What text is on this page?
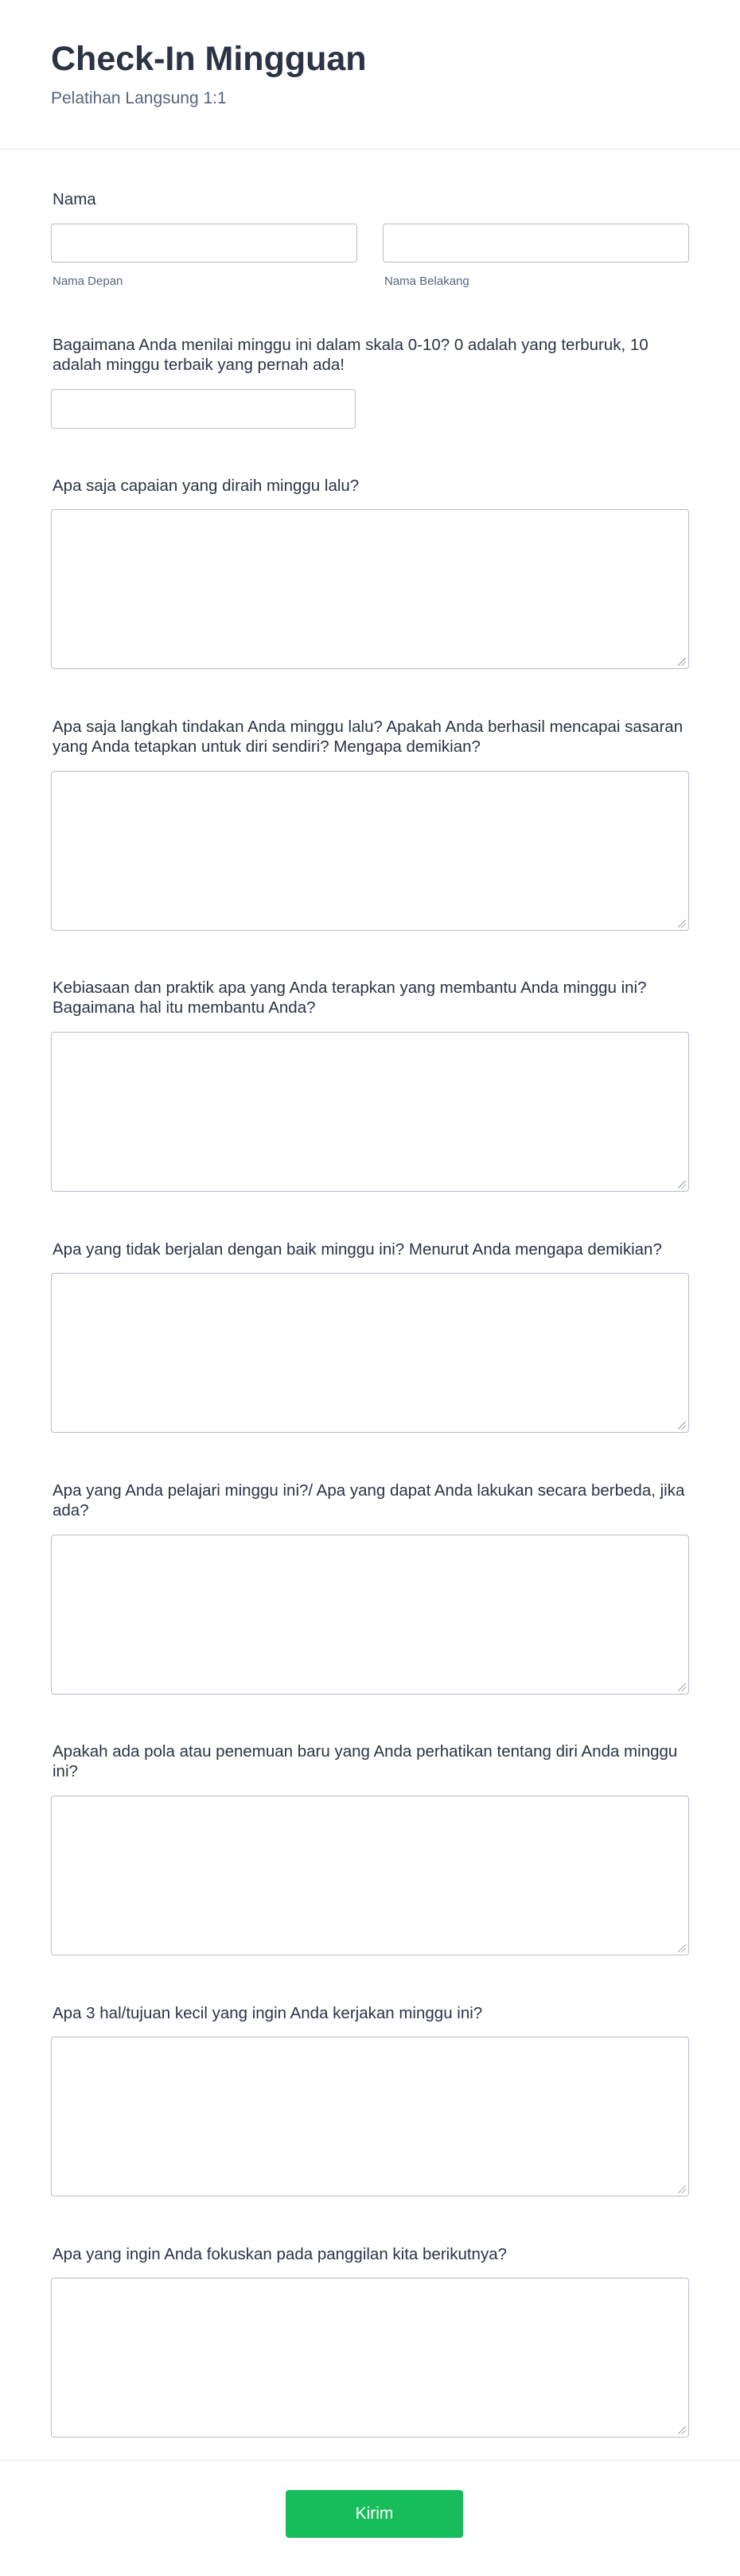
Check-In Mingguan
Pelatihan Langsung 1:1
Nama
Nama Depan	Nama Belakang
Bagaimana Anda menilai minggu ini dalam skala 0-10? 0 adalah yang terburuk, 10 adalah minggu terbaik yang pernah ada!
Apa saja capaian yang diraih minggu lalu?
Apa saja langkah tindakan Anda minggu lalu? Apakah Anda berhasil mencapai sasaran yang Anda tetapkan untuk diri sendiri? Mengapa demikian?
Kebiasaan dan praktik apa yang Anda terapkan yang membantu Anda minggu ini? Bagaimana hal itu membantu Anda?
Apa yang tidak berjalan dengan baik minggu ini? Menurut Anda mengapa demikian?
Apa yang Anda pelajari minggu ini?/ Apa yang dapat Anda lakukan secara berbeda, jika ada?
Apakah ada pola atau penemuan baru yang Anda perhatikan tentang diri Anda minggu ini?
Apa 3 hal/tujuan kecil yang ingin Anda kerjakan minggu ini?
Apa yang ingin Anda fokuskan pada panggilan kita berikutnya?
Kirim
